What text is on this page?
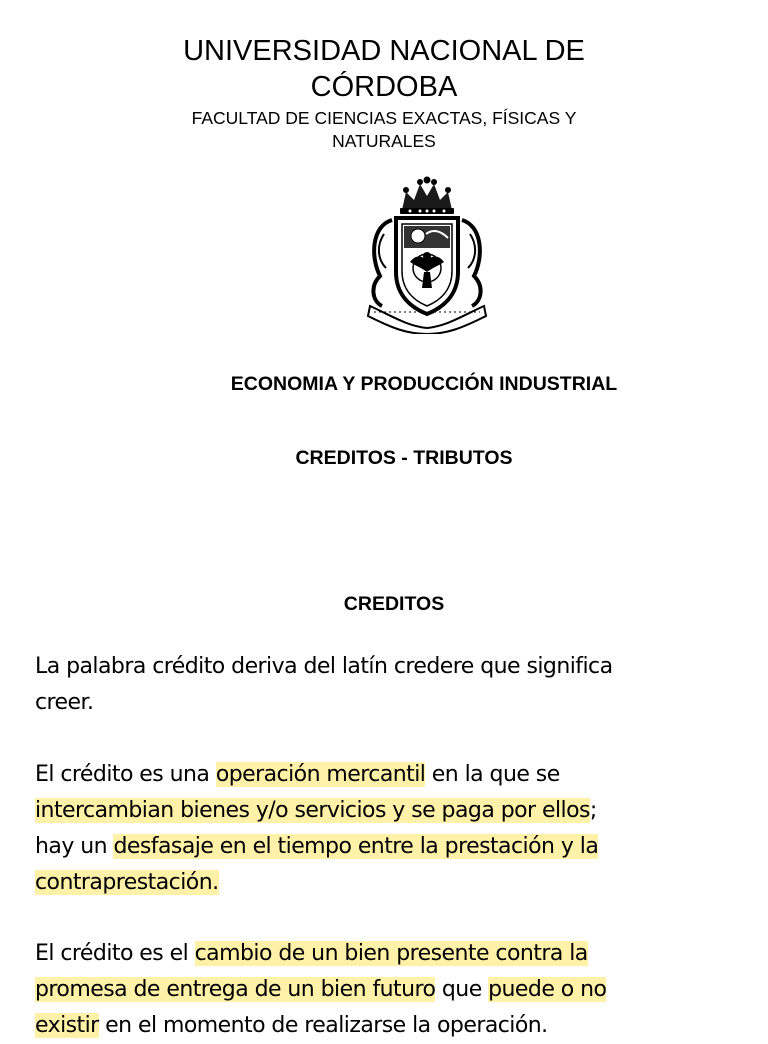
UNIVERSIDAD NACIONAL DE
CÓRDOBA
FACULTAD DE CIENCIAS EXACTAS, FÍSICAS Y
NATURALES
ECONOMIA Y PRODUCCIÓN INDUSTRIAL
CREDITOS - TRIBUTOS
CREDITOS
La palabra crédito deriva del latín credere que significa
creer.
El crédito es una operación mercantil en la que se
intercambian bienes y/o servicios y se paga por ellos;
hay un desfasaje en el tiempo entre la prestación y la
contraprestación.
El crédito es el cambio de un bien presente contra la
promesa de entrega de un bien futuro que puede o no
existir en el momento de realizarse la operación.
